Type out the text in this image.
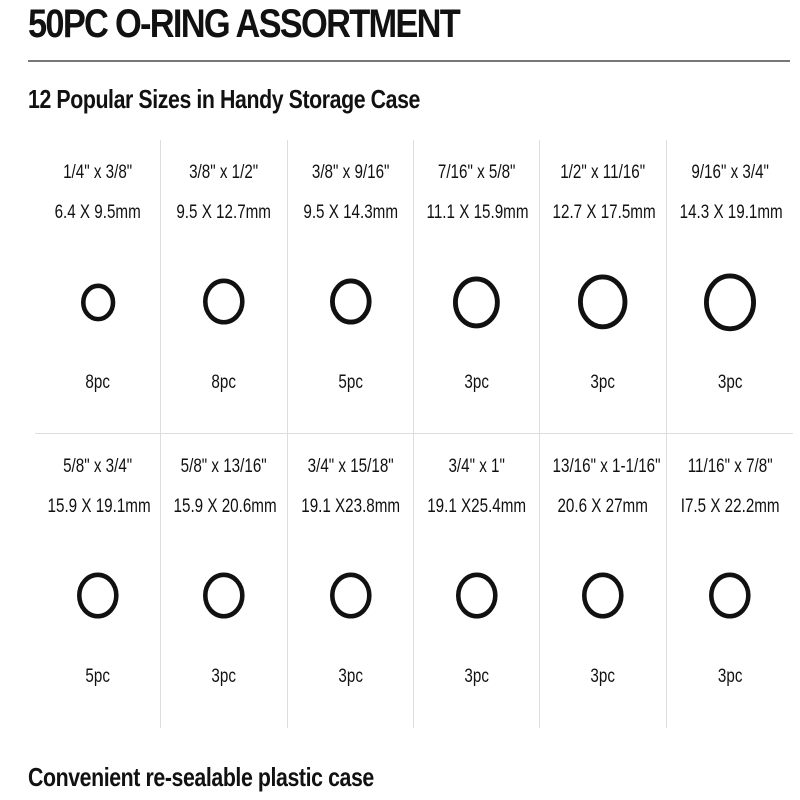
50PC O-RING ASSORTMENT
12 Popular Sizes in Handy Storage Case
1/4" x 3/8"
6.4 X 9.5mm
8pc
3/8" x 1/2"
9.5 X 12.7mm
8pc
3/8" x 9/16"
9.5 X 14.3mm
5pc
7/16" x 5/8"
11.1 X 15.9mm
3pc
1/2" x 11/16"
12.7 X 17.5mm
3pc
9/16" x 3/4"
14.3 X 19.1mm
3pc
5/8" x 3/4"
15.9 X 19.1mm
5pc
5/8" x 13/16"
15.9 X 20.6mm
3pc
3/4" x 15/18"
19.1 X23.8mm
3pc
3/4" x 1"
19.1 X25.4mm
3pc
13/16" x 1-1/16"
20.6 X 27mm
3pc
11/16" x 7/8"
I7.5 X 22.2mm
3pc
Convenient re-sealable plastic case
